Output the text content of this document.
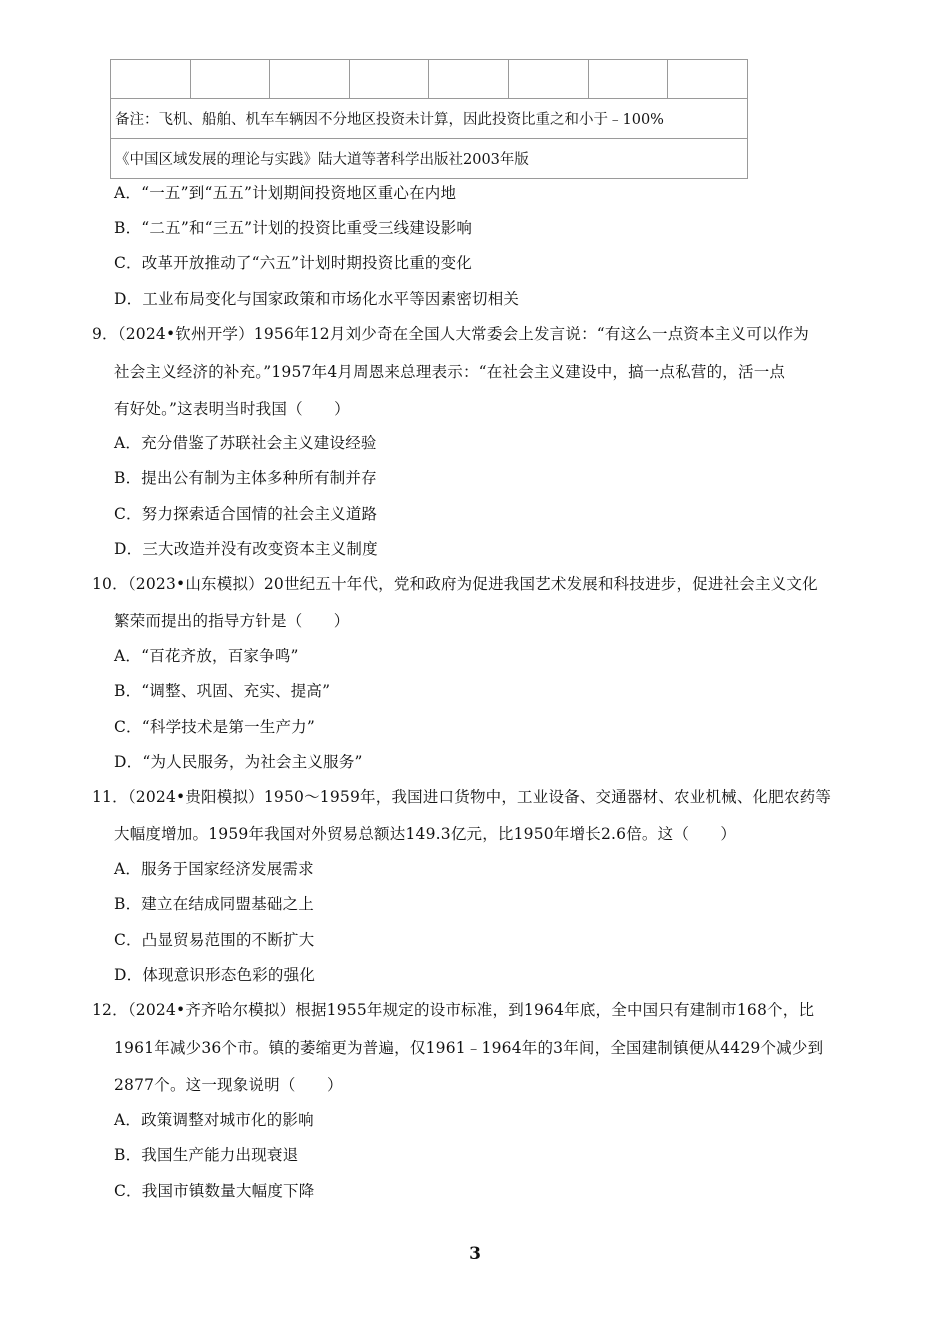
备注：飞机、船舶、机车车辆因不分地区投资未计算，因此投资比重之和小于﹣100%
《中国区域发展的理论与实践》陆大道等著科学出版社2003年版
A．“一五”到“五五”计划期间投资地区重心在内地
B．“二五”和“三五”计划的投资比重受三线建设影响
C．改革开放推动了“六五”计划时期投资比重的变化
D．工业布局变化与国家政策和市场化水平等因素密切相关
9．（2024•钦州开学）1956年12月刘少奇在全国人大常委会上发言说：“有这么一点资本主义可以作为
社会主义经济的补充。”1957年4月周恩来总理表示：“在社会主义建设中，搞一点私营的，活一点
有好处。”这表明当时我国（　　）
A．充分借鉴了苏联社会主义建设经验
B．提出公有制为主体多种所有制并存
C．努力探索适合国情的社会主义道路
D．三大改造并没有改变资本主义制度
10．（2023•山东模拟）20世纪五十年代，党和政府为促进我国艺术发展和科技进步，促进社会主义文化
繁荣而提出的指导方针是（　　）
A．“百花齐放，百家争鸣”
B．“调整、巩固、充实、提高”
C．“科学技术是第一生产力”
D．“为人民服务，为社会主义服务”
11．（2024•贵阳模拟）1950～1959年，我国进口货物中，工业设备、交通器材、农业机械、化肥农药等
大幅度增加。1959年我国对外贸易总额达149.3亿元，比1950年增长2.6倍。这（　　）
A．服务于国家经济发展需求
B．建立在结成同盟基础之上
C．凸显贸易范围的不断扩大
D．体现意识形态色彩的强化
12．（2024•齐齐哈尔模拟）根据1955年规定的设市标准，到1964年底，全中国只有建制市168个，比
1961年减少36个市。镇的萎缩更为普遍，仅1961﹣1964年的3年间，全国建制镇便从4429个减少到
2877个。这一现象说明（　　）
A．政策调整对城市化的影响
B．我国生产能力出现衰退
C．我国市镇数量大幅度下降
3
